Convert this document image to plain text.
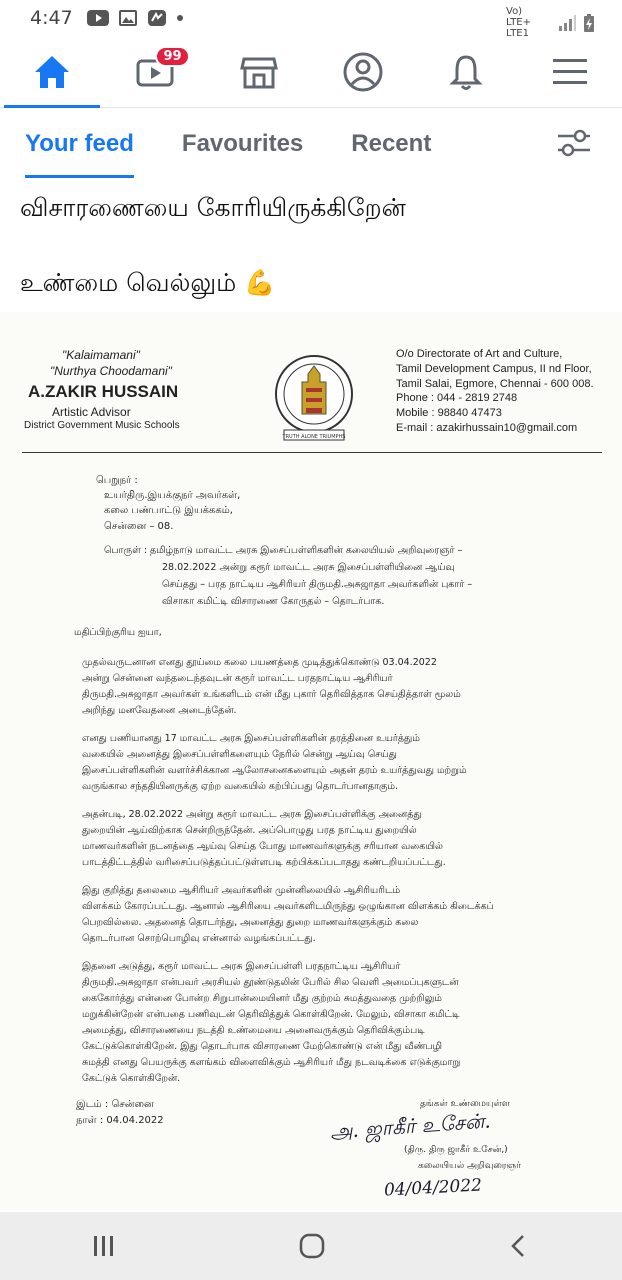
4:47	Vo) LTE+ LTE1
99
Your feed Favourites Recent
விசாரணையை கோரியிருக்கிறேன்
உண்மை வெல்லும் 💪
"Kalaimamani"
"Nurthya Choodamani"
A.ZAKIR HUSSAIN
Artistic Advisor
District Government Music Schools
TRUTH ALONE TRIUMPHS
O/o Directorate of Art and Culture,
Tamil Development Campus, II nd Floor,
Tamil Salai, Egmore, Chennai - 600 008.
Phone : 044 - 2819 2748
Mobile : 98840 47473
E-mail : azakirhussain10@gmail.com
பெறுநர் :
உயர்திரு.இயக்குநர் அவர்கள்,
கலை பண்பாட்டு இயக்ககம்,
சென்னை – 08.
பொருள் : தமிழ்நாடு மாவட்ட அரசு இசைப்பள்ளிகளின் கலையியல் அறிவுரைஞர் –
28.02.2022 அன்று கரூர் மாவட்ட அரசு இசைப்பள்ளியினை ஆய்வு
செய்தது – பரத நாட்டிய ஆசிரியர் திருமதி.அசுஜாதா அவர்களின் புகார் –
விசாகா கமிட்டி விசாரணை கோருதல் – தொடர்பாக.
மதிப்பிற்குரிய ஐயா,
முதல்வருடனான எனது தூய்மை கலை பயணத்தை முடித்துக்கொண்டு 03.04.2022
அன்று சென்னை வந்தடைந்தவுடன் கரூர் மாவட்ட பரதநாட்டிய ஆசிரியர்
திருமதி.அசுஜாதா அவர்கள் உங்களிடம் என் மீது புகார் தெரிவித்தாக செய்தித்தாள் மூலம்
அறிந்து மனவேதனை அடைந்தேன்.
எனது பணியானது 17 மாவட்ட அரசு இசைப்பள்ளிகளின் தரத்தினை உயர்த்தும்
வகையில் அனைத்து இசைப்பள்ளிகளையும் நேரில் சென்று ஆய்வு செய்து
இசைப்பள்ளிகளின் வளர்ச்சிக்கான ஆலோசனைகளையும் அதன் தரம் உயர்த்துவது மற்றும்
வருங்கால சந்ததியினருக்கு ஏற்ற வகையில் கற்பிப்பது தொடர்பானதாகும்.
அதன்படி, 28.02.2022 அன்று கரூர் மாவட்ட அரசு இசைப்பள்ளிக்கு அனைத்து
துறையின் ஆய்விற்காக சென்றிருந்தேன். அப்பொழுது பரத நாட்டிய துறையில்
மாணவர்களின் நடனத்தை ஆய்வு செய்த போது மாணவர்களுக்கு சரியான வகையில்
பாடத்திட்டத்தில் வரிசைப்படுத்தப்பட்டுள்ளபடி கற்பிக்கப்படாதது கண்டறியப்பட்டது.
இது குறித்து தலைமை ஆசிரியர் அவர்களின் முன்னிலையில் ஆசிரியரிடம்
விளக்கம் கோரப்பட்டது. ஆனால் ஆசிரியை அவர்களிடமிருந்து ஒழுங்கான விளக்கம் கிடைக்கப்
பெறவில்லை. அதனைத் தொடர்ந்து, அனைத்து துறை மாணவர்களுக்கும் கலை
தொடர்பான சொற்பொழிவு என்னால் வழங்கப்பட்டது.
இதனை அடுத்து, கரூர் மாவட்ட அரசு இசைப்பள்ளி பரதநாட்டிய ஆசிரியர்
திருமதி.அசுஜாதா என்பவர் அரசியல் தூண்டுதலின் பேரில் சில வெளி அமைப்புகளுடன்
கைகோர்த்து என்னை போன்ற சிறுபான்மையினர் மீது குற்றம் சுமத்துவதை முற்றிலும்
மறுக்கின்றேன் என்பதை பணிவுடன் தெரிவித்துக் கொள்கிறேன். மேலும், விசாகா கமிட்டி
அமைத்து, விசாரணையை நடத்தி உண்மையை அனைவருக்கும் தெரிவிக்கும்படி
கேட்டுக்கொள்கிறேன். இது தொடர்பாக விசாரணை மேற்கொண்டு என் மீது வீண்பழி
சுமத்தி எனது பெயருக்கு களங்கம் விளைவிக்கும் ஆசிரியர் மீது நடவடிக்கை எடுக்குமாறு
கேட்டுக் கொள்கிறேன்.
இடம் : சென்னை
நாள் : 04.04.2022
தங்கள் உண்மையுள்ள
அ. ஜாகீர் உசேன்.
(திரு. திரு ஜாகீர் உசேன்,)
கலையியல் அறிவுரைஞர்
04/04/2022
